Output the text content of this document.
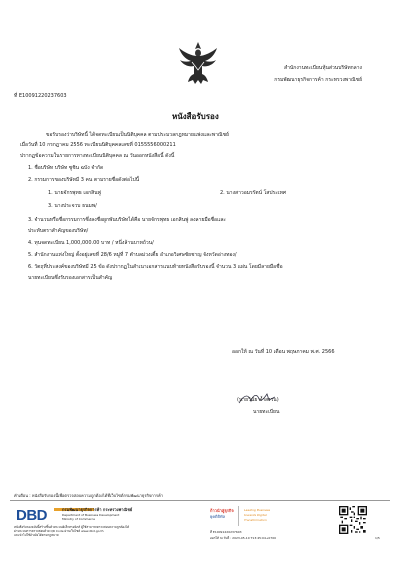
ที่ E10091220237603
สำนักงานทะเบียนหุ้นส่วนบริษัทกลาง
กรมพัฒนาธุรกิจการค้า กระทรวงพาณิชย์
หนังสือรับรอง
ขอรับรองว่าบริษัทนี้ ได้จดทะเบียนเป็นนิติบุคคล ตามประมวลกฎหมายแพ่งและพาณิชย์
เมื่อวันที่ 10 กรกฎาคม 2556 ทะเบียนนิติบุคคลเลขที่ 0155556000211
ปรากฏข้อความในรายการทางทะเบียนนิติบุคคล ณ วันออกหนังสือนี้ ดังนี้
1. ชื่อบริษัท บริษัท ซูชิน ฉบัง จำกัด
2. กรรมการของบริษัทมี 3 คน ตามรายชื่อดังต่อไปนี้
1. นายจักรพุทธ เอกสินพู่	2. นางสาวอมรรัตน์ โสประเทศ
3. นางประจวบ ธนมพ/
3. จำนวนหรือชื่อกรรมการซึ่งลงชื่อผูกพันบริษัทได้คือ นายจักรพุทธ เอกสินพู่ ลงลายมือชื่อและ
ประทับตราสำคัญของบริษัท/
4. ทุนจดทะเบียน 1,000,000.00 บาท / หนึ่งล้านบาทถ้วน/
5. สำนักงานแห่งใหญ่ ตั้งอยู่เลขที่ 28/6 หมู่ที่ 7 ตำบลม่วงเตี้ย อำเภอวิเศษชัยชาญ จังหวัดอ่างทอง/
6. วัตถุที่ประสงค์ของบริษัทมี 25 ข้อ ดังปรากฏในสำเนาเอกสารแนบท้ายหนังสือรับรองนี้ จำนวน 3 แผ่น โดยมีลายมือชื่อ
นายทะเบียนซึ่งรับรองเอกสารเป็นสำคัญ
ออกให้ ณ วันที่ 10 เดือน พฤษภาคม พ.ศ. 2566
(นายวินัย ค้ำสงวน)
นายทะเบียน
คำเตือน : หนังสือรับรองนี้เพื่อตรวจสอบความถูกต้องได้ที่เว็บไซต์กรมพัฒนาธุรกิจการค้า
DBD	กรมพัฒนาธุรกิจการค้า กระทรวงพาณิชย์
Department of Business Development
Ministry of Commerce
หนังสือรับรองฉบับนี้สร้างขึ้นด้วยระบบอิเล็กทรอนิกส์ ผู้ใช้สามารถตรวจสอบความถูกต้องได้
ผ่านระบบการตรวจสอบด้วย QR Code ผ่านเว็บไซต์ www.dbd.go.th
และนำไปใช้อ้างอิงได้ตามกฎหมาย
ก้าวนำสู่ธุรกิจ
ยุคดิจิทัล
Leading Business
towards Digital
Transformation
ที่ E10091220237603
ออกให้ ณ วันที่ : 2023-05-10 T13:45:04+0700	1/5
